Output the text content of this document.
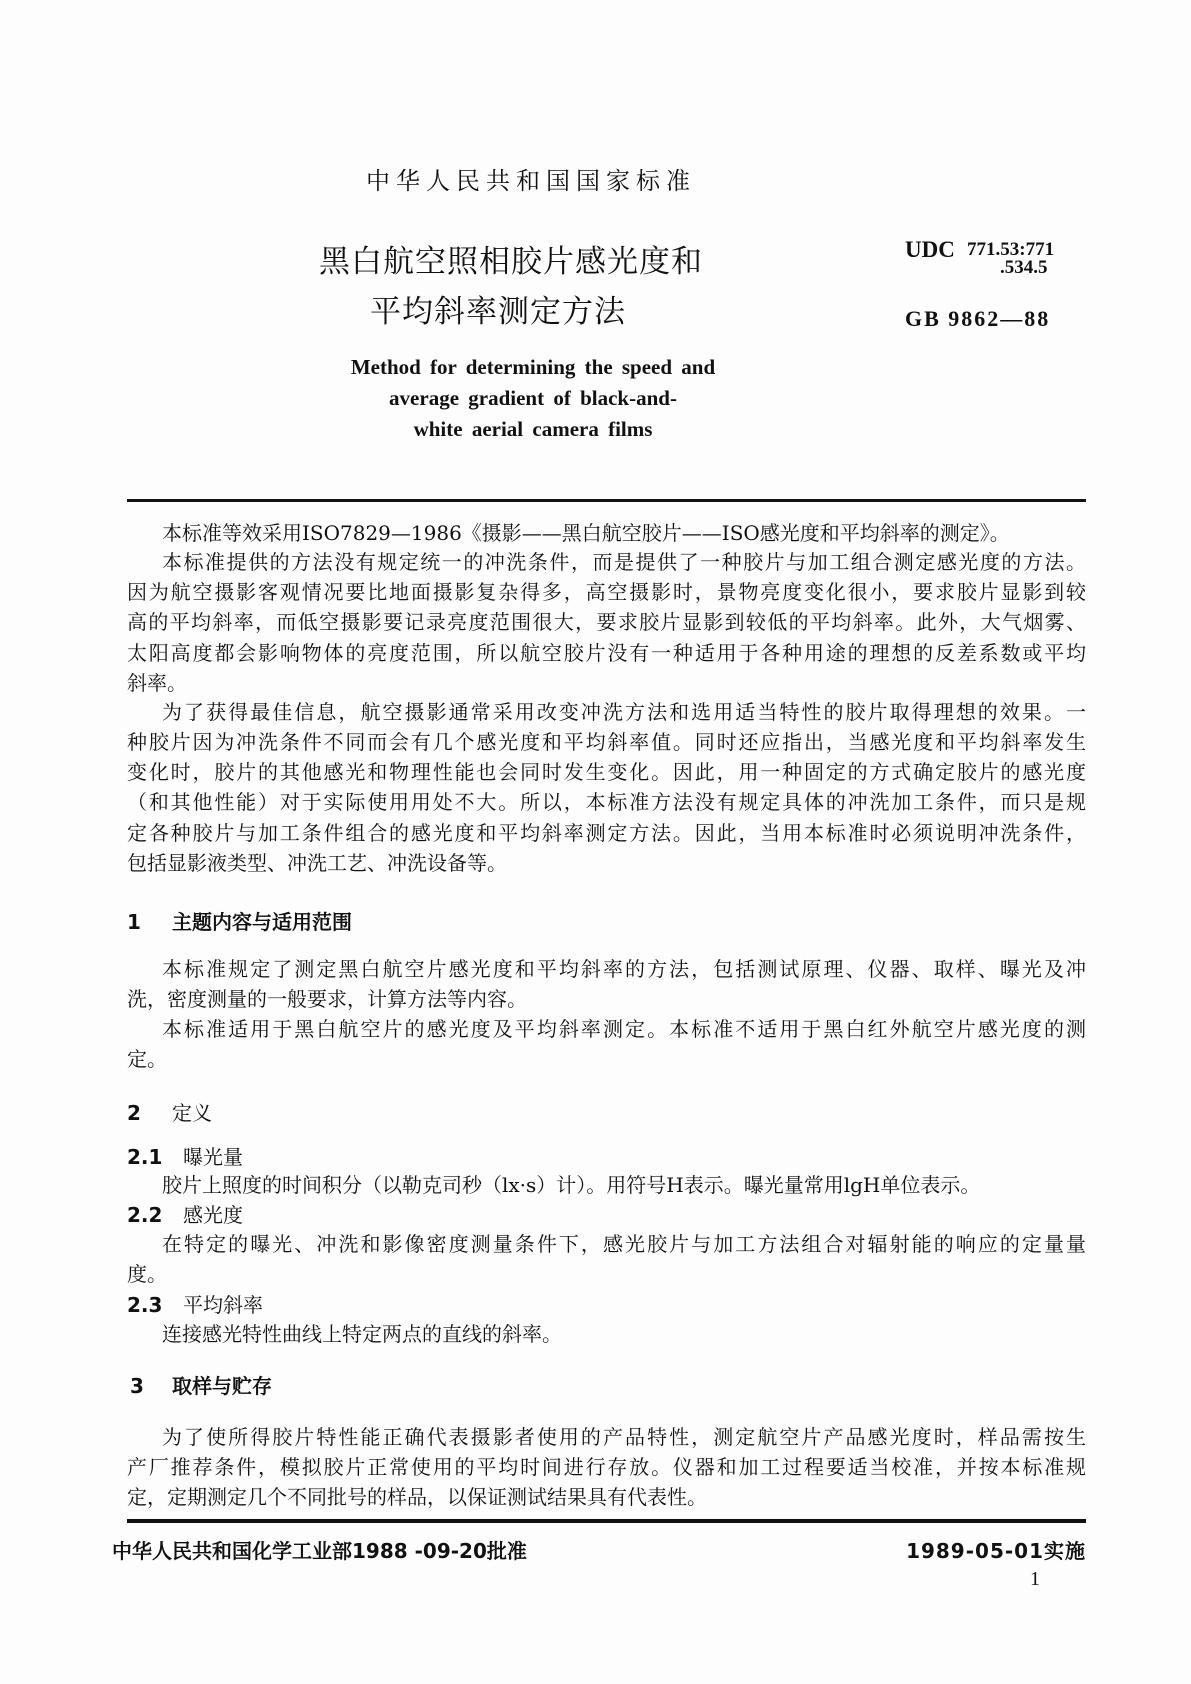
中华人民共和国国家标准
黑白航空照相胶片感光度和
平均斜率测定方法
UDC 771.53:771
.534.5
GB 9862—88
Method for determining the speed and
average gradient of black-and-
white aerial camera films
本标准等效采用ISO7829—1986《摄影——黑白航空胶片——ISO感光度和平均斜率的测定》。
本标准提供的方法没有规定统一的冲洗条件，而是提供了一种胶片与加工组合测定感光度的方法。
因为航空摄影客观情况要比地面摄影复杂得多，高空摄影时，景物亮度变化很小，要求胶片显影到较
高的平均斜率，而低空摄影要记录亮度范围很大，要求胶片显影到较低的平均斜率。此外，大气烟雾、
太阳高度都会影响物体的亮度范围，所以航空胶片没有一种适用于各种用途的理想的反差系数或平均
斜率。
为了获得最佳信息，航空摄影通常采用改变冲洗方法和选用适当特性的胶片取得理想的效果。一
种胶片因为冲洗条件不同而会有几个感光度和平均斜率值。同时还应指出，当感光度和平均斜率发生
变化时，胶片的其他感光和物理性能也会同时发生变化。因此，用一种固定的方式确定胶片的感光度
（和其他性能）对于实际使用用处不大。所以，本标准方法没有规定具体的冲洗加工条件，而只是规
定各种胶片与加工条件组合的感光度和平均斜率测定方法。因此，当用本标准时必须说明冲洗条件，
包括显影液类型、冲洗工艺、冲洗设备等。
1 主题内容与适用范围
本标准规定了测定黑白航空片感光度和平均斜率的方法，包括测试原理、仪器、取样、曝光及冲
洗，密度测量的一般要求，计算方法等内容。
本标准适用于黑白航空片的感光度及平均斜率测定。本标准不适用于黑白红外航空片感光度的测
定。
2 定义
2.1 曝光量
胶片上照度的时间积分（以勒克司秒（lx·s）计）。用符号H表示。曝光量常用lgH单位表示。
2.2 感光度
在特定的曝光、冲洗和影像密度测量条件下，感光胶片与加工方法组合对辐射能的响应的定量量
度。
2.3 平均斜率
连接感光特性曲线上特定两点的直线的斜率。
3 取样与贮存
为了使所得胶片特性能正确代表摄影者使用的产品特性，测定航空片产品感光度时，样品需按生
产厂推荐条件，模拟胶片正常使用的平均时间进行存放。仪器和加工过程要适当校准，并按本标准规
定，定期测定几个不同批号的样品，以保证测试结果具有代表性。
中华人民共和国化学工业部1988 -09-20批准	1989-05-01实施
1
